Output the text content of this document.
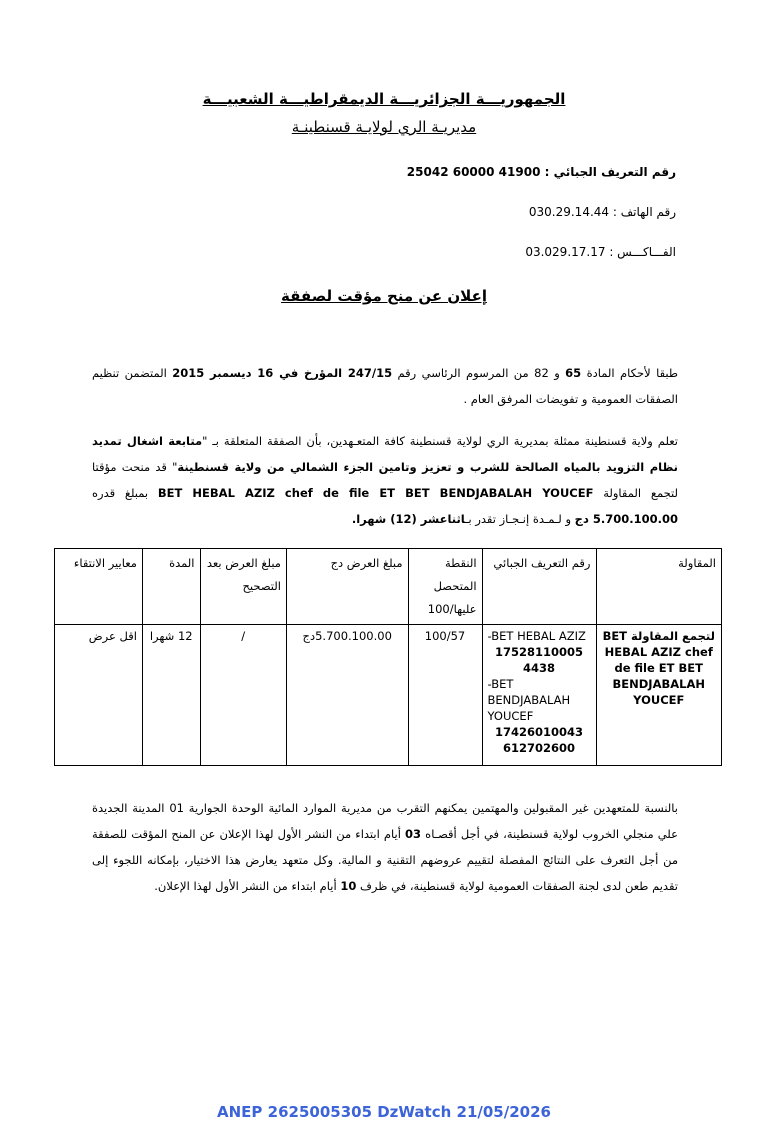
الجمهوريـــة الجزائريـــة الديمقراطيـــة الشعبيـــة
مديريـة الري لولايـة قسنطينـة
رقم التعريف الجبائي : 41900 60000 25042
رقم الهاتف : 030.29.14.44
الفـــاكـــس : 03.029.17.17
إعلان عن منح مؤقت لصفقة
طبقا لأحكام المادة 65 و 82 من المرسوم الرئاسي رقم 247/15 المؤرخ في 16 ديسمبر 2015 المتضمن تنظيم الصفقات العمومية و تفويضات المرفق العام .
تعلم ولاية قسنطينة ممثلة بمديرية الري لولاية قسنطينة كافة المتعـهدين، بأن الصفقة المتعلقة بـ "متابعة اشغال تمديد نظام التزويد بالمياه الصالحة للشرب و تعزيز وتامين الجزء الشمالي من ولاية قسنطينة" قد منحت مؤقتا لتجمع المقاولة BET HEBAL AZIZ chef de file ET BET BENDJABALAH YOUCEF بمبلغ قدره 5.700.100.00 دج و لـمـدة إنـجـاز تقدر بـاثناعشر (12) شهرا.
المقاولة	رقم التعريف الجبائي	النقطة المتحصل عليها/100	مبلغ العرض دج	مبلغ العرض بعد التصحيح	المدة	معايير الانتقاء
لتجمع المقاولة BET HEBAL AZIZ chef de file ET BET BENDJABALAH YOUCEF	-BET HEBAL AZIZ
17528110005 4438
-BET BENDJABALAH YOUCEF
17426010043 612702600	100/57	5.700.100.00دج	/	12 شهرا	اقل عرض
بالنسبة للمتعهدين غير المقبولين والمهتمين يمكنهم التقرب من مديرية الموارد المائية الوحدة الجوارية 01 المدينة الجديدة علي منجلي الخروب لولاية قسنطينة، في أجل أقصـاه 03 أيام ابتداء من النشر الأول لهذا الإعلان عن المنح المؤقت للصفقة من أجل التعرف على النتائج المفصلة لتقييم عروضهم التقنية و المالية. وكل متعهد يعارض هذا الاختيار، بإمكانه اللجوء إلى تقديم طعن لدى لجنة الصفقات العمومية لولاية قسنطينة، في ظرف 10 أيام ابتداء من النشر الأول لهذا الإعلان.
ANEP 2625005305 DzWatch 21/05/2026
